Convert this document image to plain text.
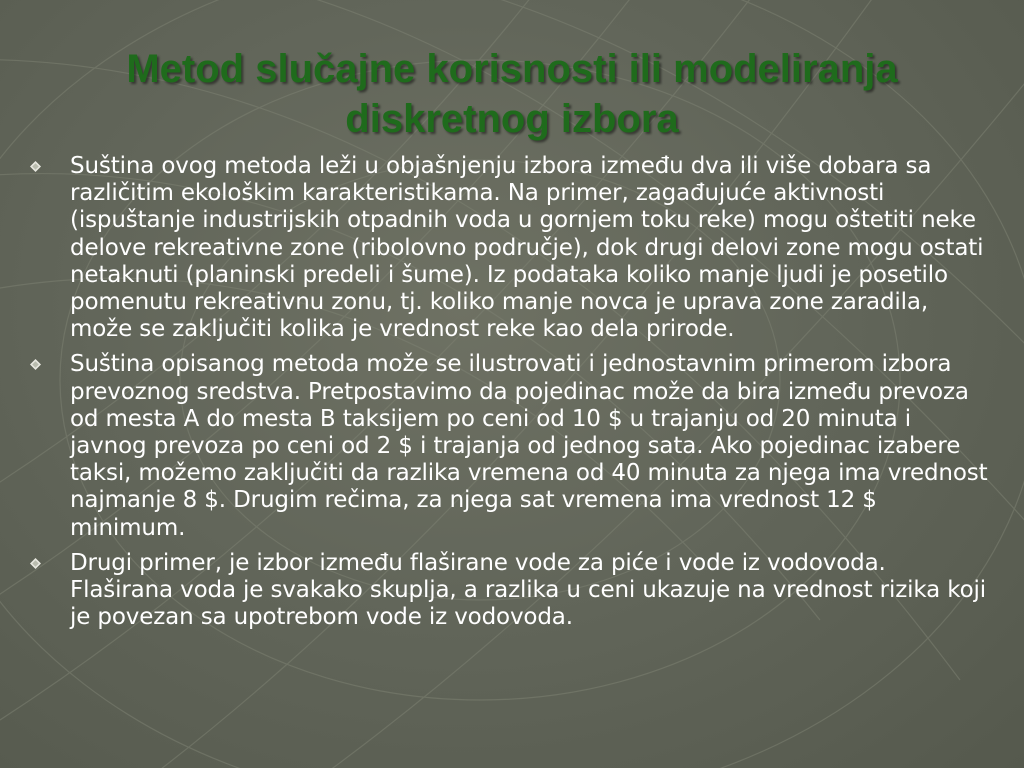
Metod slučajne korisnosti ili modeliranja
diskretnog izbora
Suština ovog metoda leži u objašnjenju izbora između dva ili više dobara sa različitim ekološkim karakteristikama. Na primer, zagađujuće aktivnosti (ispuštanje industrijskih otpadnih voda u gornjem toku reke) mogu oštetiti neke delove rekreativne zone (ribolovno područje), dok drugi delovi zone mogu ostati netaknuti (planinski predeli i šume). Iz podataka koliko manje ljudi je posetilo pomenutu rekreativnu zonu, tj. koliko manje novca je uprava zone zaradila, može se zaključiti kolika je vrednost reke kao dela prirode.
Suština opisanog metoda može se ilustrovati i jednostavnim primerom izbora prevoznog sredstva. Pretpostavimo da pojedinac može da bira između prevoza od mesta A do mesta B taksijem po ceni od 10 $ u trajanju od 20 minuta i javnog prevoza po ceni od 2 $ i trajanja od jednog sata. Ako pojedinac izabere taksi, možemo zaključiti da razlika vremena od 40 minuta za njega ima vrednost najmanje 8 $. Drugim rečima, za njega sat vremena ima vrednost 12 $ minimum.
Drugi primer, je izbor između flaširane vode za piće i vode iz vodovoda. Flaširana voda je svakako skuplja, a razlika u ceni ukazuje na vrednost rizika koji je povezan sa upotrebom vode iz vodovoda.
